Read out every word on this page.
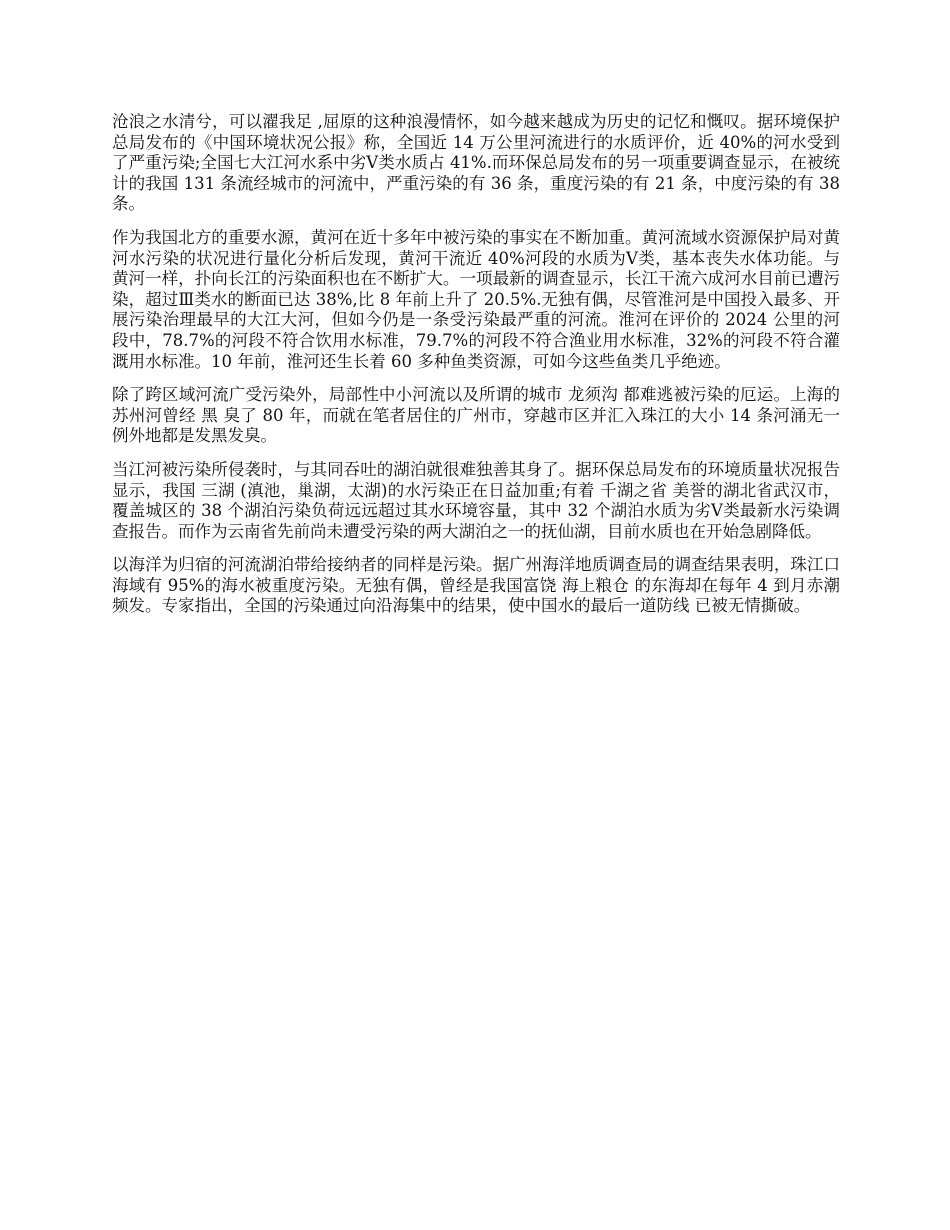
沧浪之水清兮，可以濯我足 ,屈原的这种浪漫情怀，如今越来越成为历史的记忆和慨叹。据环境保护总局发布的《中国环境状况公报》称，全国近 14 万公里河流进行的水质评价，近 40%的河水受到了严重污染;全国七大江河水系中劣Ⅴ类水质占 41%.而环保总局发布的另一项重要调查显示，在被统计的我国 131 条流经城市的河流中，严重污染的有 36 条，重度污染的有 21 条，中度污染的有 38 条。

作为我国北方的重要水源，黄河在近十多年中被污染的事实在不断加重。黄河流域水资源保护局对黄河水污染的状况进行量化分析后发现，黄河干流近 40%河段的水质为Ⅴ类，基本丧失水体功能。与黄河一样，扑向长江的污染面积也在不断扩大。一项最新的调查显示，长江干流六成河水目前已遭污染，超过Ⅲ类水的断面已达 38%,比 8 年前上升了 20.5%.无独有偶，尽管淮河是中国投入最多、开展污染治理最早的大江大河，但如今仍是一条受污染最严重的河流。淮河在评价的 2024 公里的河段中，78.7%的河段不符合饮用水标准，79.7%的河段不符合渔业用水标准，32%的河段不符合灌溉用水标准。10 年前，淮河还生长着 60 多种鱼类资源，可如今这些鱼类几乎绝迹。

除了跨区域河流广受污染外，局部性中小河流以及所谓的城市 龙须沟 都难逃被污染的厄运。上海的苏州河曾经 黑 臭了 80 年，而就在笔者居住的广州市，穿越市区并汇入珠江的大小 14 条河涌无一例外地都是发黑发臭。

当江河被污染所侵袭时，与其同吞吐的湖泊就很难独善其身了。据环保总局发布的环境质量状况报告显示，我国 三湖 (滇池，巢湖，太湖)的水污染正在日益加重;有着 千湖之省 美誉的湖北省武汉市，覆盖城区的 38 个湖泊污染负荷远远超过其水环境容量，其中 32 个湖泊水质为劣Ⅴ类最新水污染调查报告。而作为云南省先前尚未遭受污染的两大湖泊之一的抚仙湖，目前水质也在开始急剧降低。

以海洋为归宿的河流湖泊带给接纳者的同样是污染。据广州海洋地质调查局的调查结果表明，珠江口海域有 95%的海水被重度污染。无独有偶，曾经是我国富饶 海上粮仓 的东海却在每年 4 到月赤潮频发。专家指出，全国的污染通过向沿海集中的结果，使中国水的最后一道防线 已被无情撕破。
